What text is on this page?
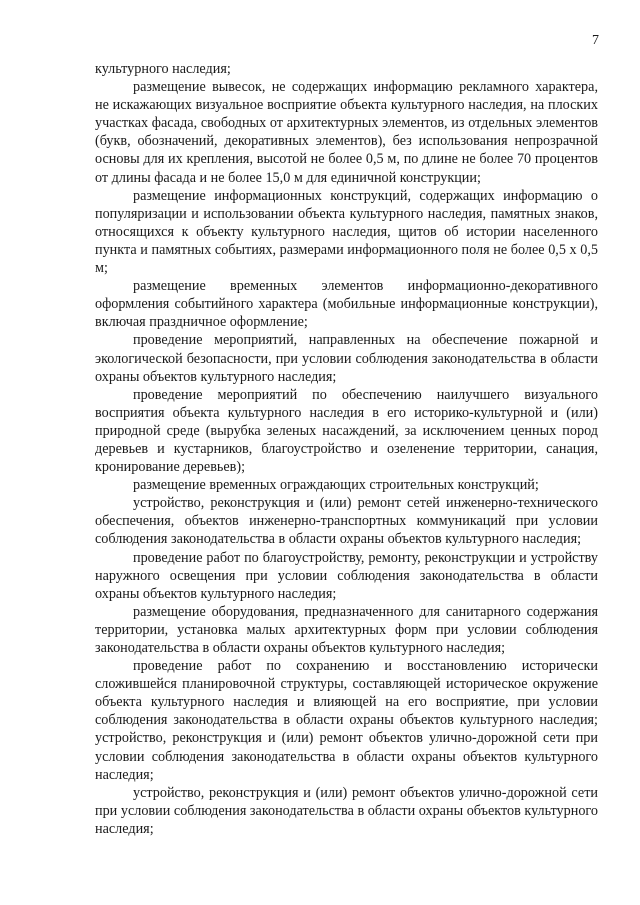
7

культурного наследия;

размещение вывесок, не содержащих информацию рекламного характера, не искажающих визуальное восприятие объекта культурного наследия, на плоских участках фасада, свободных от архитектурных элементов, из отдельных элементов (букв, обозначений, декоративных элементов), без использования непрозрачной основы для их крепления, высотой не более 0,5 м, по длине не более 70 процентов от длины фасада и не более 15,0 м для единичной конструкции;

размещение информационных конструкций, содержащих информацию о популяризации и использовании объекта культурного наследия, памятных знаков, относящихся к объекту культурного наследия, щитов об истории населенного пункта и памятных событиях, размерами информационного поля не более 0,5 х 0,5 м;

размещение временных элементов информационно-декоративного оформления событийного характера (мобильные информационные конструкции), включая праздничное оформление;

проведение мероприятий, направленных на обеспечение пожарной и экологической безопасности, при условии соблюдения законодательства в области охраны объектов культурного наследия;

проведение мероприятий по обеспечению наилучшего визуального восприятия объекта культурного наследия в его историко-культурной и (или) природной среде (вырубка зеленых насаждений, за исключением ценных пород деревьев и кустарников, благоустройство и озеленение территории, санация, кронирование деревьев);

размещение временных ограждающих строительных конструкций;

устройство, реконструкция и (или) ремонт сетей инженерно-технического обеспечения, объектов инженерно-транспортных коммуникаций при условии соблюдения законодательства в области охраны объектов культурного наследия;

проведение работ по благоустройству, ремонту, реконструкции и устройству наружного освещения при условии соблюдения законодательства в области охраны объектов культурного наследия;

размещение оборудования, предназначенного для санитарного содержания территории, установка малых архитектурных форм при условии соблюдения законодательства в области охраны объектов культурного наследия;

проведение работ по сохранению и восстановлению исторически сложившейся планировочной структуры, составляющей историческое окружение объекта культурного наследия и влияющей на его восприятие, при условии соблюдения законодательства в области охраны объектов культурного наследия; устройство, реконструкция и (или) ремонт объектов улично-дорожной сети при условии соблюдения законодательства в области охраны объектов культурного наследия;

устройство, реконструкция и (или) ремонт объектов улично-дорожной сети при условии соблюдения законодательства в области охраны объектов культурного наследия;
